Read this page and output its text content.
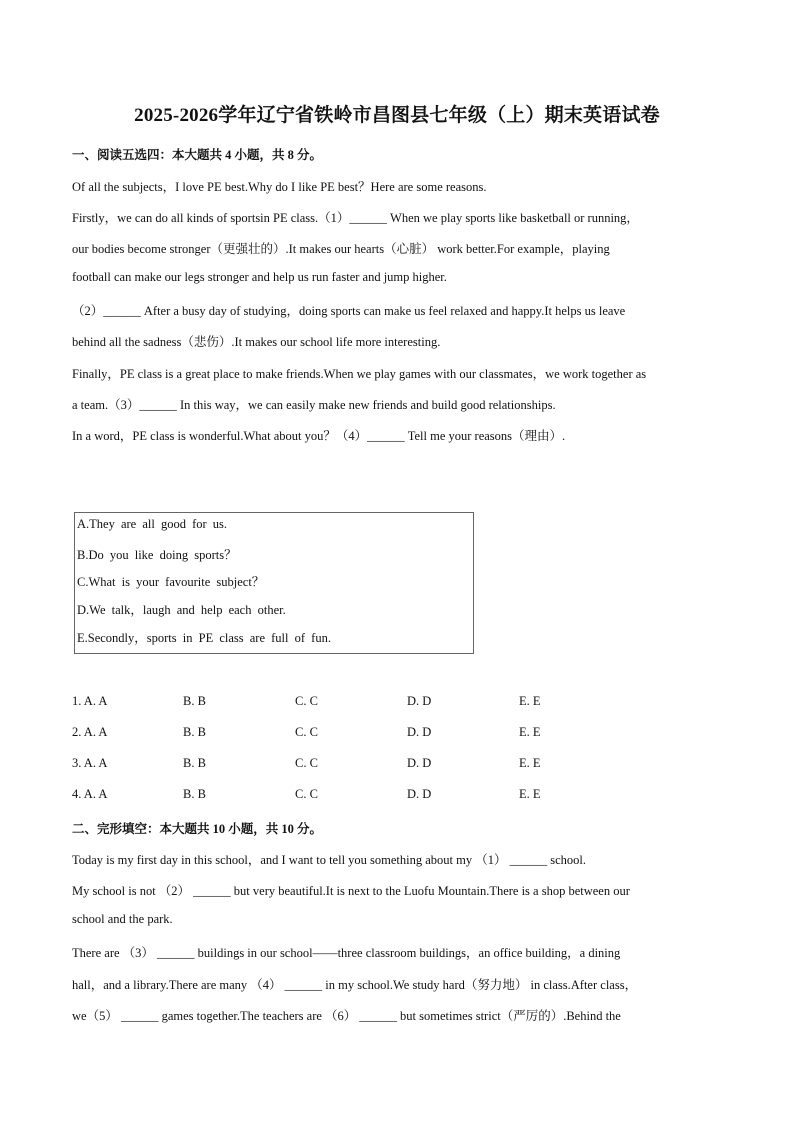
2025-2026学年辽宁省铁岭市昌图县七年级（上）期末英语试卷
一、阅读五选四：本大题共 4 小题，共 8 分。
Of all the subjects，I love PE best.Why do I like PE best？Here are some reasons.
Firstly，we can do all kinds of sportsin PE class.（1）______ When we play sports like basketball or running，
our bodies become stronger（更强壮的）.It makes our hearts（心脏） work better.For example，playing
football can make our legs stronger and help us run faster and jump higher.
（2）______ After a busy day of studying，doing sports can make us feel relaxed and happy.It helps us leave
behind all the sadness（悲伤）.It makes our school life more interesting.
Finally，PE class is a great place to make friends.When we play games with our classmates，we work together as
a team.（3）______ In this way，we can easily make new friends and build good relationships.
In a word，PE class is wonderful.What about you？（4）______ Tell me your reasons（理由）.
A.They are all good for us.
B.Do you like doing sports？
C.What is your favourite subject？
D.We talk，laugh and help each other.
E.Secondly，sports in PE class are full of fun.
1. A. A	B. B	C. C	D. D	E. E
2. A. A	B. B	C. C	D. D	E. E
3. A. A	B. B	C. C	D. D	E. E
4. A. A	B. B	C. C	D. D	E. E
二、完形填空：本大题共 10 小题，共 10 分。
Today is my first day in this school，and I want to tell you something about my （1） ______ school.
My school is not （2） ______ but very beautiful.It is next to the Luofu Mountain.There is a shop between our
school and the park.
There are （3） ______ buildings in our school——three classroom buildings，an office building，a dining
hall，and a library.There are many （4） ______ in my school.We study hard（努力地） in class.After class，
we（5） ______ games together.The teachers are （6） ______ but sometimes strict（严厉的）.Behind the
